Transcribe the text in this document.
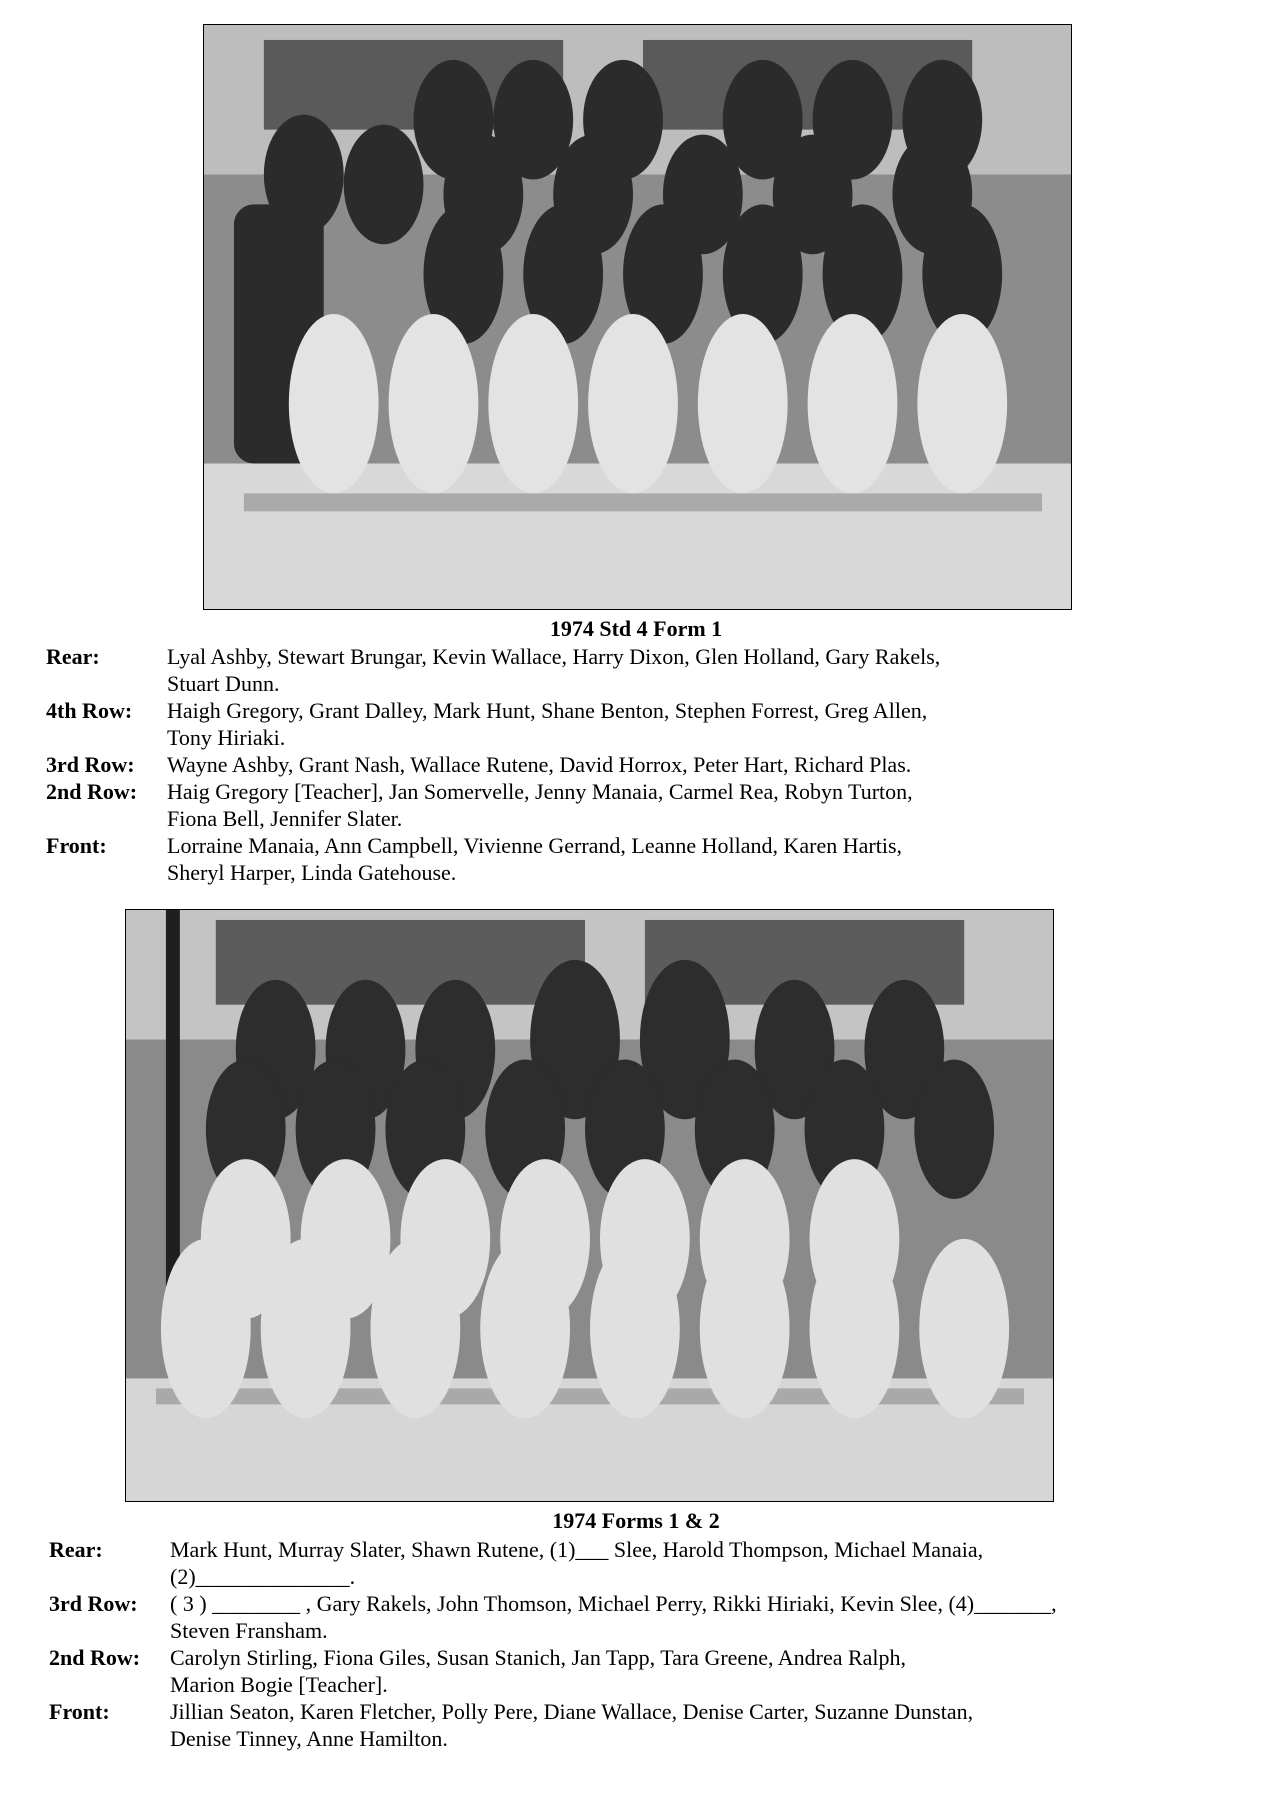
1974 Std 4 Form 1
Rear:	Lyal Ashby, Stewart Brungar, Kevin Wallace, Harry Dixon, Glen Holland, Gary Rakels,
Stuart Dunn.
4th Row:	Haigh Gregory, Grant Dalley, Mark Hunt, Shane Benton, Stephen Forrest, Greg Allen,
Tony Hiriaki.
3rd Row:	Wayne Ashby, Grant Nash, Wallace Rutene, David Horrox, Peter Hart, Richard Plas.
2nd Row:	Haig Gregory [Teacher], Jan Somervelle, Jenny Manaia, Carmel Rea, Robyn Turton,
Fiona Bell, Jennifer Slater.
Front:	Lorraine Manaia, Ann Campbell, Vivienne Gerrand, Leanne Holland, Karen Hartis,
Sheryl Harper, Linda Gatehouse.
1974 Forms 1 & 2
Rear:	Mark Hunt, Murray Slater, Shawn Rutene, (1)___ Slee, Harold Thompson, Michael Manaia,
(2)______________.
3rd Row:	( 3 ) ________ , Gary Rakels, John Thomson, Michael Perry, Rikki Hiriaki, Kevin Slee, (4)_______,
Steven Fransham.
2nd Row:	Carolyn Stirling, Fiona Giles, Susan Stanich, Jan Tapp, Tara Greene, Andrea Ralph,
Marion Bogie [Teacher].
Front:	Jillian Seaton, Karen Fletcher, Polly Pere, Diane Wallace, Denise Carter, Suzanne Dunstan,
Denise Tinney, Anne Hamilton.
